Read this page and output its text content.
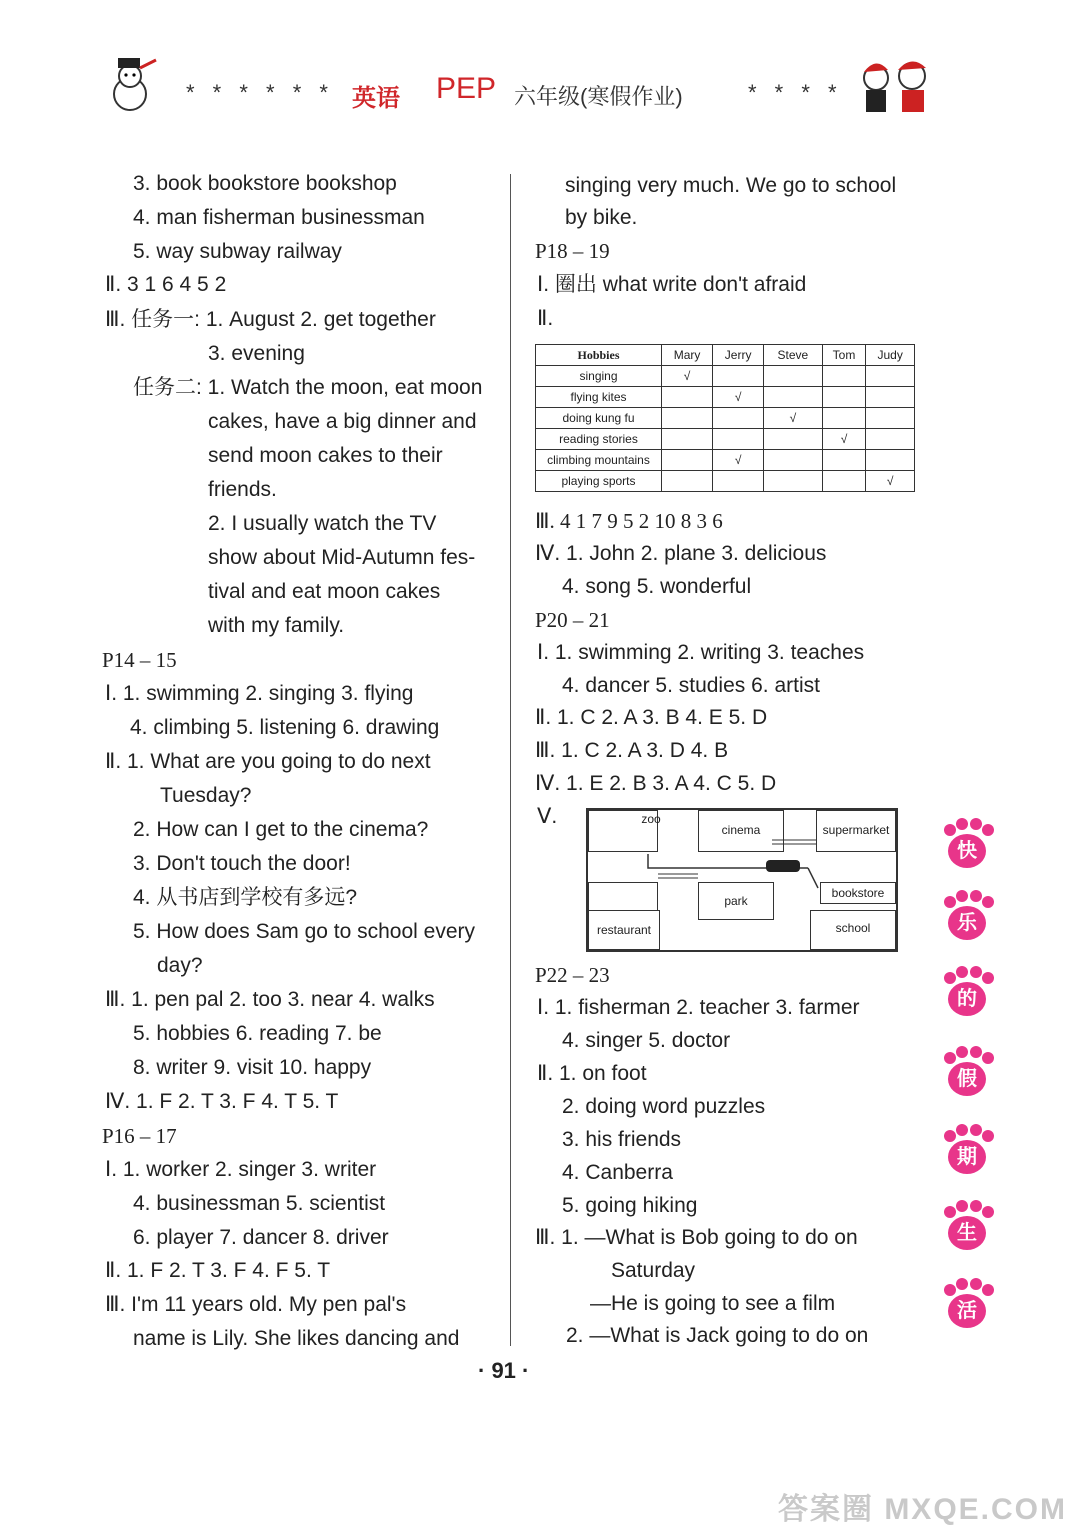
* * * * * * 英语 PEP 六年级(寒假作业)	* * * *
3. book bookstore bookshop
4. man fisherman businessman
5. way subway railway
Ⅱ. 3 1 6 4 5 2
Ⅲ. 任务一: 1. August 2. get together
3. evening
任务二: 1. Watch the moon, eat moon
cakes, have a big dinner and
send moon cakes to their
friends.
2. I usually watch the TV
show about Mid-Autumn fes-
tival and eat moon cakes
with my family.
P14 – 15
Ⅰ. 1. swimming 2. singing 3. flying
4. climbing 5. listening 6. drawing
Ⅱ. 1. What are you going to do next
Tuesday?
2. How can I get to the cinema?
3. Don't touch the door!
4. 从书店到学校有多远?
5. How does Sam go to school every
day?
Ⅲ. 1. pen pal 2. too 3. near 4. walks
5. hobbies 6. reading 7. be
8. writer 9. visit 10. happy
Ⅳ. 1. F 2. T 3. F 4. T 5. T
P16 – 17
Ⅰ. 1. worker 2. singer 3. writer
4. businessman 5. scientist
6. player 7. dancer 8. driver
Ⅱ. 1. F 2. T 3. F 4. F 5. T
Ⅲ. I'm 11 years old. My pen pal's
name is Lily. She likes dancing and
singing very much. We go to school
by bike.
P18 – 19
Ⅰ. 圈出 what write don't afraid
Ⅱ.
Hobbies	Mary	Jerry	Steve	Tom	Judy
singing	√				
flying kites		√			
doing kung fu			√		
reading stories				√	
climbing mountains		√			
playing sports					√
Ⅲ. 4 1 7 9 5 2 10 8 3 6
Ⅳ. 1. John 2. plane 3. delicious
4. song 5. wonderful
P20 – 21
Ⅰ. 1. swimming 2. writing 3. teaches
4. dancer 5. studies 6. artist
Ⅱ. 1. C 2. A 3. B 4. E 5. D
Ⅲ. 1. C 2. A 3. D 4. B
Ⅳ. 1. E 2. B 3. A 4. C 5. D
Ⅴ.	zoo
cinema	supermarket
park
bookstore
restaurant	school
P22 – 23
Ⅰ. 1. fisherman 2. teacher 3. farmer
4. singer 5. doctor
Ⅱ. 1. on foot
2. doing word puzzles
3. his friends
4. Canberra
5. going hiking
Ⅲ. 1. —What is Bob going to do on
Saturday
—He is going to see a film
2. —What is Jack going to do on
快
乐
的
假
期
生
活
· 91 ·
答案圈 MXQE.COM
